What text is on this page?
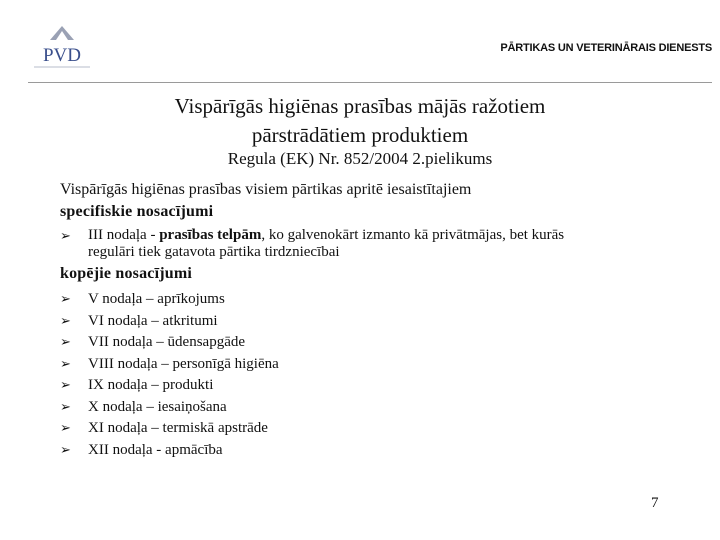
PVD	PĀRTIKAS UN VETERINĀRAIS DIENESTS
Vispārīgās higiēnas prasības mājās ražotiem
pārstrādātiem produktiem
Regula (EK) Nr. 852/2004 2.pielikums
Vispārīgās higiēnas prasības visiem pārtikas apritē iesaistītajiem
specifiskie nosacījumi
➢ III nodaļa - prasības telpām, ko galvenokārt izmanto kā privātmājas, bet kurās
regulāri tiek gatavota pārtika tirdzniecībai
kopējie nosacījumi
➢ V nodaļa – aprīkojums
➢ VI nodaļa – atkritumi
➢ VII nodaļa – ūdensapgāde
➢ VIII nodaļa – personīgā higiēna
➢ IX nodaļa – produkti
➢ X nodaļa – iesaiņošana
➢ XI nodaļa – termiskā apstrāde
➢ XII nodaļa - apmācība
7
